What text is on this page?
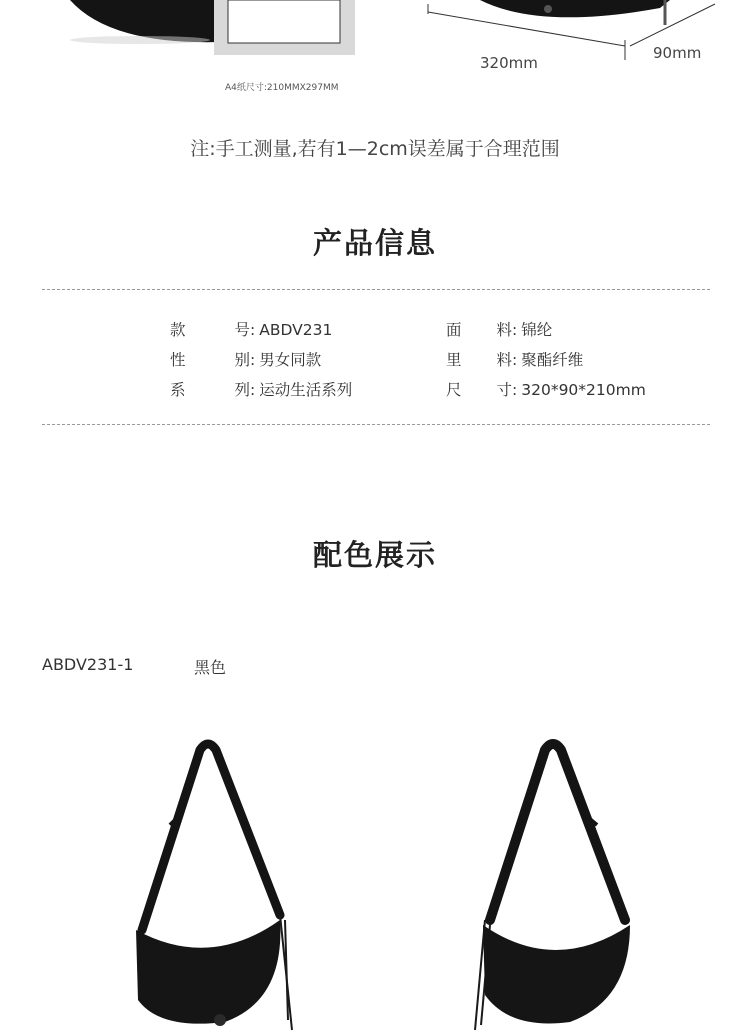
320mm
90mm
A4纸尺寸:210MMX297MM
注:手工测量,若有1—2cm误差属于合理范围
产品信息
款　号: ABDV231	面　料: 锦纶
性　别: 男女同款	里　料: 聚酯纤维
系　列: 运动生活系列	尺　寸: 320*90*210mm
配色展示
ABDV231-1	黑色
